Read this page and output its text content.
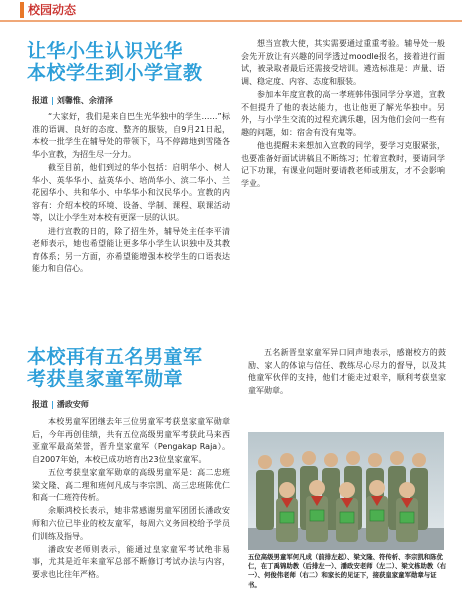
校园动态
让华小生认识光华
本校学生到小学宣教
报道 | 刘馨惟、余清泽

“大家好，我们是来自巴生光华独中的学生……”标准的语调、良好的态度、整齐的服装，自9月21日起，本校一批学生在辅导处的带领下，马不停蹄地到雪隆各华小宣教，为招生尽一分力。

截至目前，他们到过的华小包括：启明华小、树人华小、英华华小、益英华小、培尚华小、滨二华小、兰花园华小、共和华小、中华华小和汉民华小。宣教的内容有：介绍本校的环境、设备、学制、课程、联课活动等，以让小学生对本校有更深一层的认识。

进行宣教的日的，除了招生外，辅导处主任李平清老师表示，她也希望能让更多华小学生认识独中及其教育体系；另一方面，亦希望能增强本校学生的口语表达能力和自信心。

想当宣教大使，其实需要通过重重考验。辅导处一般会先开放让有兴趣的同学透过moodle报名，接着进行面试，被录取者最后还需接受培训。遴选标准是：声量、语调、稳定度、内容、态度和服装。

参加本年度宣教的高一孝班韩伟强同学分享道，宣教不但提升了他的表达能力，也让他更了解光华独中。另外，与小学生交流的过程充满乐趣，因为他们会问一些有趣的问题，如：宿舍有没有鬼等。

他也提醒未来想加入宣教的同学，要学习克服紧张，也要准备好面试讲稿且不断练习；忙着宣教时，要请同学记下功课，有课业问题时要请教老师或朋友，才不会影响学业。

本校再有五名男童军
考获皇家童军勋章
报道 | 潘政安师

本校男童军团继去年三位男童军考获皇家童军勋章后，今年再创佳绩，共有五位高级男童军考获此马来西亚童军最高荣誉，晋升皇家童军（Pengakap Raja）。自2007年始，本校已成功培育出23位皇家童军。

五位考获皇家童军勋章的高级男童军是：高二忠班梁文隆、高二理和班何凡成与李宗凯、高三忠班陈优仁和高一仁班符传析。

余顺鸿校长表示，她非常感谢男童军团团长潘政安师和六位已毕业的校友童军，每周六义务回校给予学员们训练及指导。

潘政安老师则表示，能通过皇家童军考试绝非易事，尤其是近年来童军总部不断修订考试办法与内容，要求也比往年严格。

五名新晋皇家童军异口同声地表示，感谢校方的鼓励、家人的体谅与信任、教练尽心尽力的督导，以及其他童军伙伴的支持，他们才能走过艰辛，顺利考获皇家童军勋章。

五位高级男童军何凡成（前排左起）、梁文隆、符传析、李宗凯和陈优仁，在丁禹锦助教（后排左一）、潘政安老师（左二）、梁文栋助教（右一）、何俊伟老师（右二）和家长的见证下，接获皇家童军勋章与证书。
